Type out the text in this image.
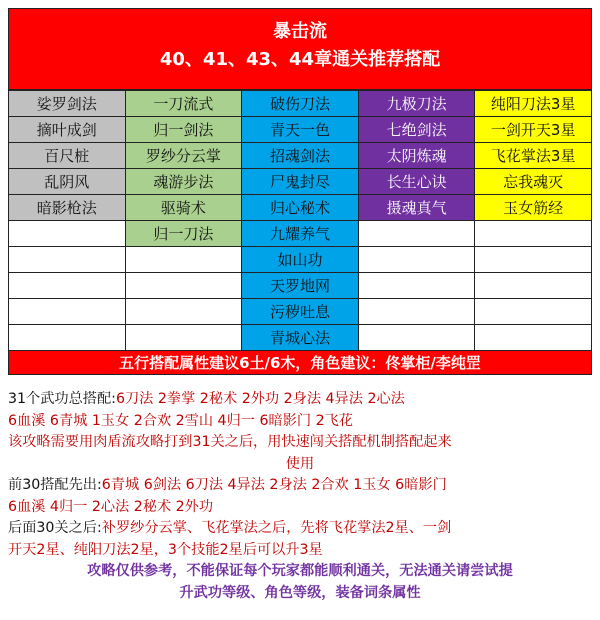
暴击流
40、41、43、44章通关推荐搭配
娑罗剑法	一刀流式	破伤刀法	九极刀法	纯阳刀法3星
摘叶成剑	归一剑法	青天一色	七绝剑法	一剑开天3星
百尺桩	罗纱分云掌	招魂剑法	太阴炼魂	飞花掌法3星
乱阴风	魂游步法	尸鬼封尽	长生心诀	忘我魂灭
暗影枪法	驱骑术	归心秘术	摄魂真气	玉女筋经
	归一刀法	九耀养气		
		如山功		
		天罗地网		
		污秽吐息		
		青城心法		
五行搭配属性建议6土/6木，角色建议：佟掌柜/李纯罡
31个武功总搭配:6刀法 2拳掌 2秘术 2外功 2身法 4异法 2心法
6血溪 6青城 1玉女 2合欢 2雪山 4归一 6暗影门 2飞花
该攻略需要用肉盾流攻略打到31关之后，用快速闯关搭配机制搭配起来
使用
前30搭配先出:6青城 6剑法 6刀法 4异法 2身法 2合欢 1玉女 6暗影门
6血溪 4归一 2心法 2秘术 2外功
后面30关之后:补罗纱分云掌、飞花掌法之后，先将飞花掌法2星、一剑
开天2星、纯阳刀法2星，3个技能2星后可以升3星
攻略仅供参考，不能保证每个玩家都能顺利通关，无法通关请尝试提
升武功等级、角色等级，装备词条属性
